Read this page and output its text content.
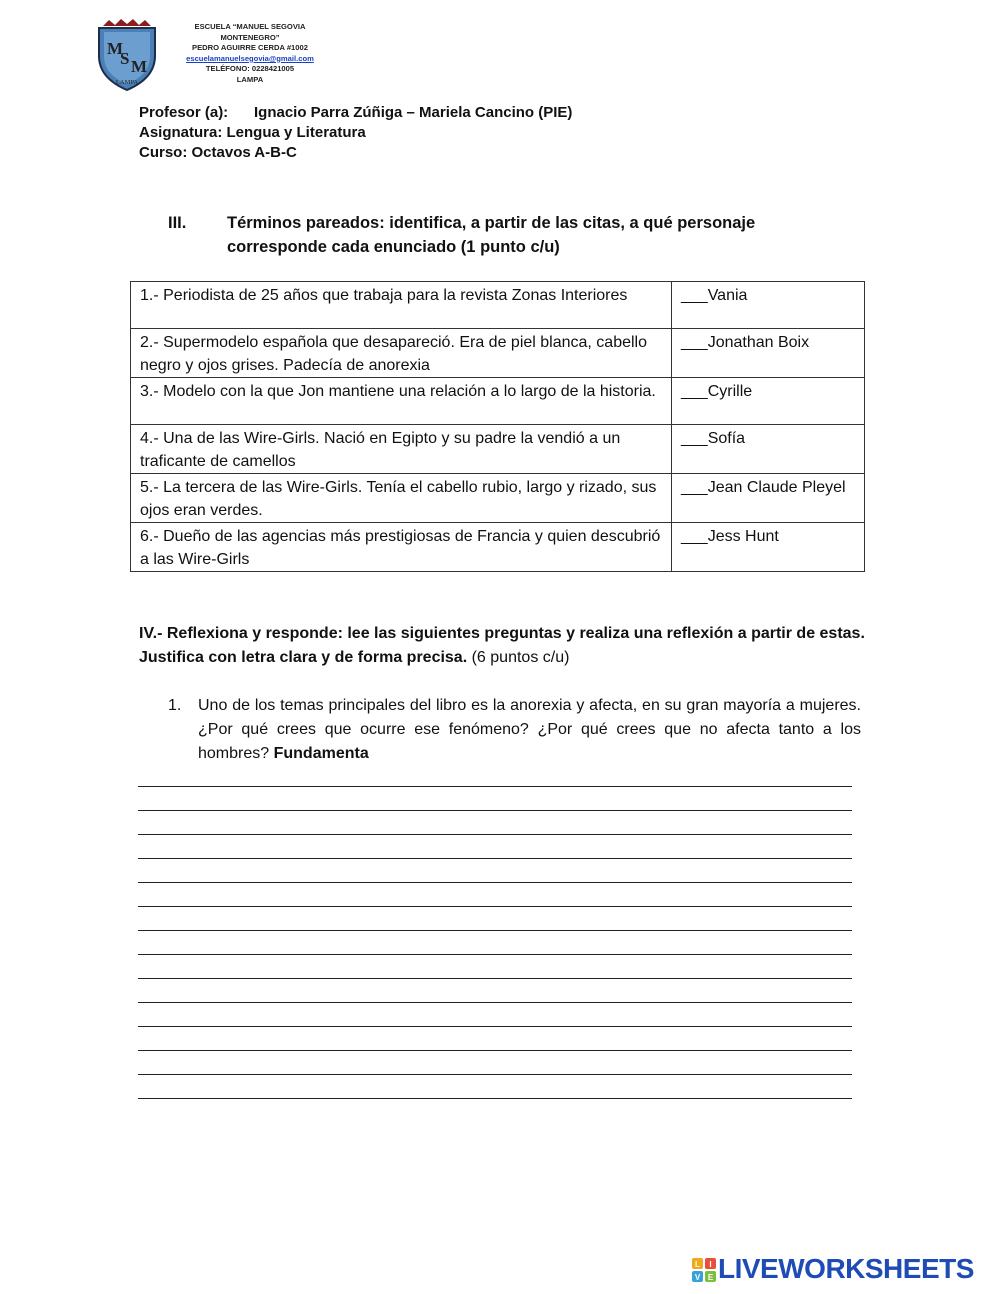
M
S M
LAMPA
ESCUELA “MANUEL SEGOVIA
MONTENEGRO”
PEDRO AGUIRRE CERDA #1002
escuelamanuelsegovia@gmail.com
TELÉFONO: 0228421005
LAMPA
Profesor (a): Ignacio Parra Zúñiga – Mariela Cancino (PIE)
Asignatura: Lengua y Literatura
Curso: Octavos A-B-C
III. Términos pareados: identifica, a partir de las citas, a qué personaje corresponde cada enunciado (1 punto c/u)
1.- Periodista de 25 años que trabaja para la revista Zonas Interiores	___Vania
2.- Supermodelo española que desapareció. Era de piel blanca, cabello negro y ojos grises. Padecía de anorexia	___Jonathan Boix
3.- Modelo con la que Jon mantiene una relación a lo largo de la historia.	___Cyrille
4.- Una de las Wire-Girls. Nació en Egipto y su padre la vendió a un traficante de camellos	___Sofía
5.- La tercera de las Wire-Girls. Tenía el cabello rubio, largo y rizado, sus ojos eran verdes.	___Jean Claude Pleyel
6.- Dueño de las agencias más prestigiosas de Francia y quien descubrió a las Wire-Girls	___Jess Hunt
IV.- Reflexiona y responde: lee las siguientes preguntas y realiza una reflexión a partir de estas. Justifica con letra clara y de forma precisa. (6 puntos c/u)
1. Uno de los temas principales del libro es la anorexia y afecta, en su gran mayoría a mujeres. ¿Por qué crees que ocurre ese fenómeno? ¿Por qué crees que no afecta tanto a los hombres? Fundamenta
L I
V E LIVEWORKSHEETS
